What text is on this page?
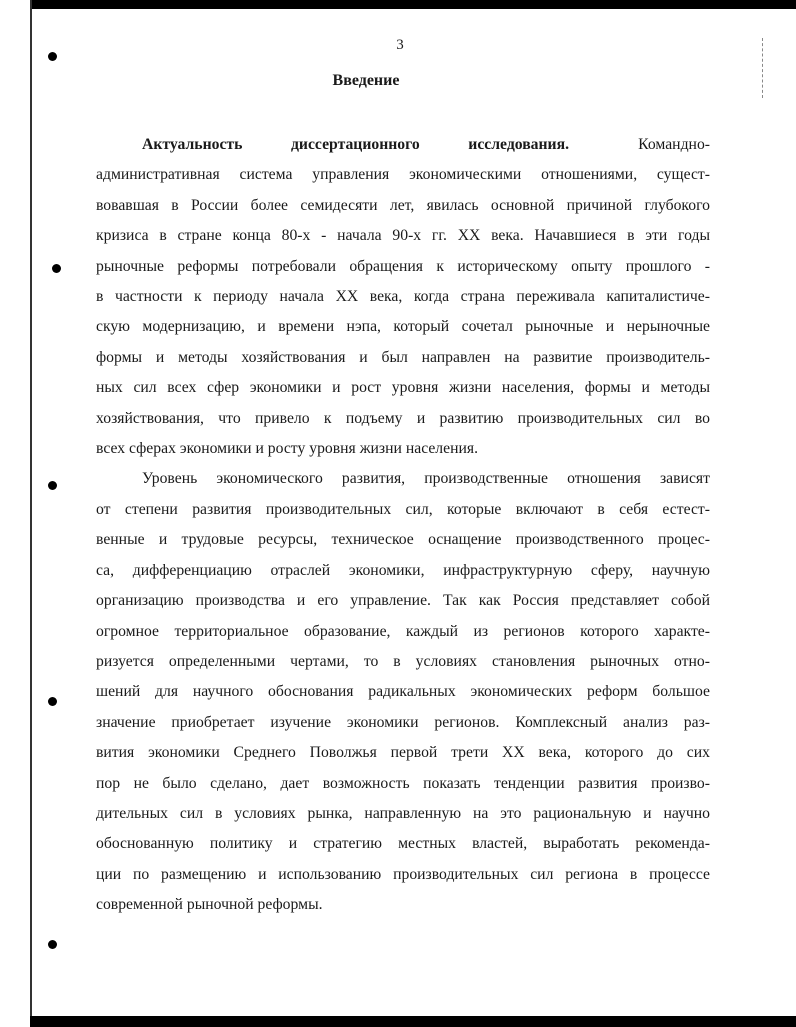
3
Введение
Актуальность диссертационного исследования.	Командно-
административная система управления экономическими отношениями, сущест-
вовавшая в России более семидесяти лет, явилась основной причиной глубокого
кризиса в стране конца 80-х - начала 90-х гг. XX века. Начавшиеся в эти годы
рыночные реформы потребовали обращения к историческому опыту прошлого -
в частности к периоду начала XX века, когда страна переживала капиталистиче-
скую модернизацию, и времени нэпа, который сочетал рыночные и нерыночные
формы и методы хозяйствования и был направлен на развитие производитель-
ных сил всех сфер экономики и рост уровня жизни населения, формы и методы
хозяйствования, что привело к подъему и развитию производительных сил во
всех сферах экономики и росту уровня жизни населения.
Уровень экономического развития, производственные отношения зависят
от степени развития производительных сил, которые включают в себя естест-
венные и трудовые ресурсы, техническое оснащение производственного процес-
са, дифференциацию отраслей экономики, инфраструктурную сферу, научную
организацию производства и его управление. Так как Россия представляет собой
огромное территориальное образование, каждый из регионов которого характе-
ризуется определенными чертами, то в условиях становления рыночных отно-
шений для научного обоснования радикальных экономических реформ большое
значение приобретает изучение экономики регионов. Комплексный анализ раз-
вития экономики Среднего Поволжья первой трети XX века, которого до сих
пор не было сделано, дает возможность показать тенденции развития произво-
дительных сил в условиях рынка, направленную на это рациональную и научно
обоснованную политику и стратегию местных властей, выработать рекоменда-
ции по размещению и использованию производительных сил региона в процессе
современной рыночной реформы.
